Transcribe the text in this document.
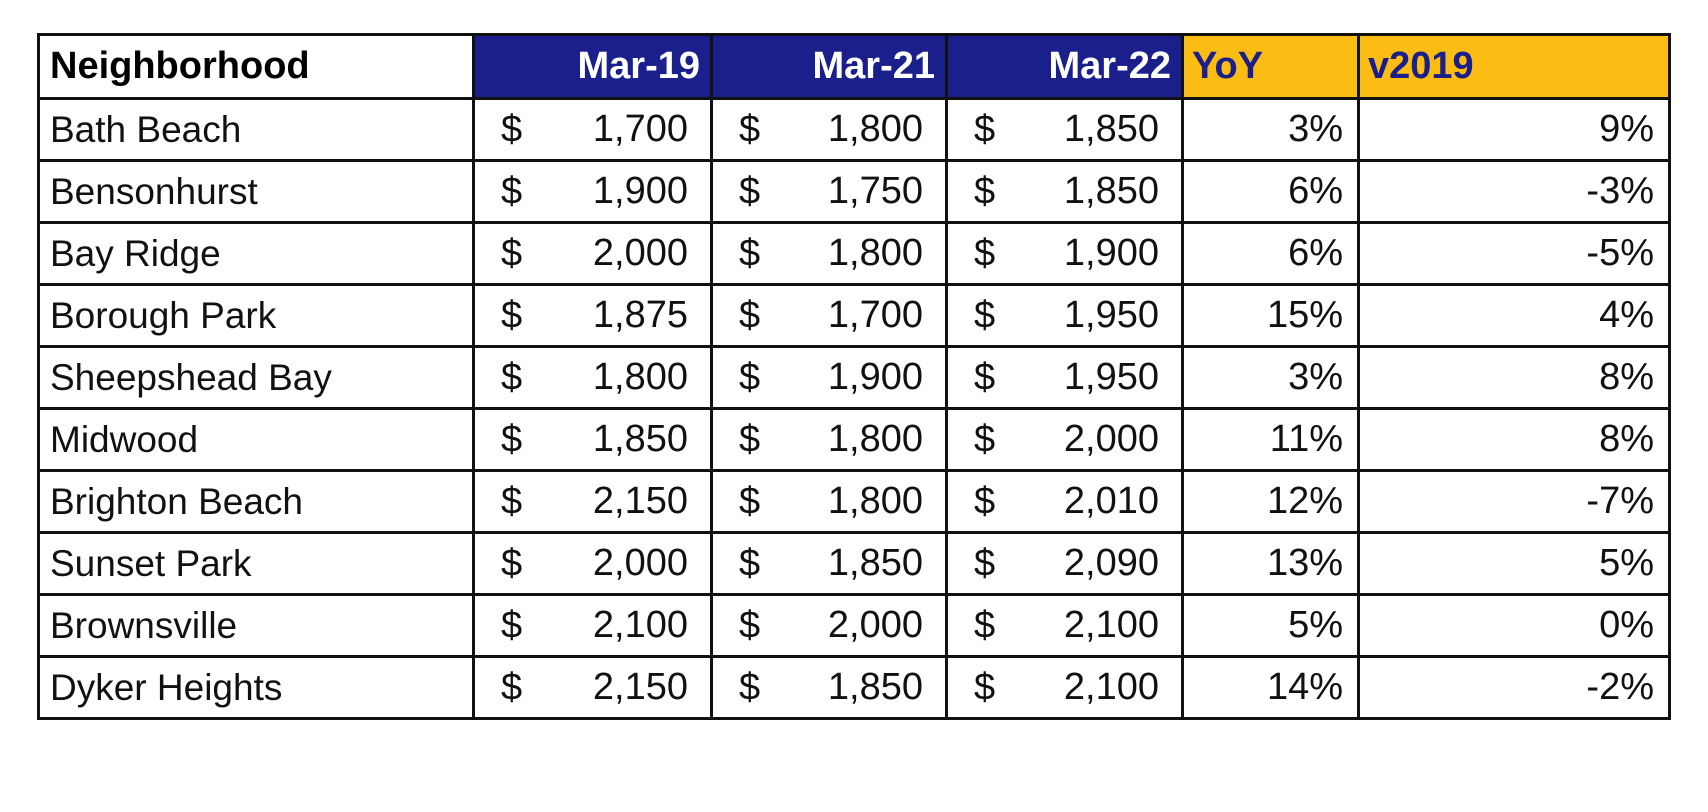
Neighborhood	Mar-19	Mar-21	Mar-22	YoY	v2019
Bath Beach	$ 1,700	$ 1,800	$ 1,850	3%	9%
Bensonhurst	$ 1,900	$ 1,750	$ 1,850	6%	-3%
Bay Ridge	$ 2,000	$ 1,800	$ 1,900	6%	-5%
Borough Park	$ 1,875	$ 1,700	$ 1,950	15%	4%
Sheepshead Bay	$ 1,800	$ 1,900	$ 1,950	3%	8%
Midwood	$ 1,850	$ 1,800	$ 2,000	11%	8%
Brighton Beach	$ 2,150	$ 1,800	$ 2,010	12%	-7%
Sunset Park	$ 2,000	$ 1,850	$ 2,090	13%	5%
Brownsville	$ 2,100	$ 2,000	$ 2,100	5%	0%
Dyker Heights	$ 2,150	$ 1,850	$ 2,100	14%	-2%
